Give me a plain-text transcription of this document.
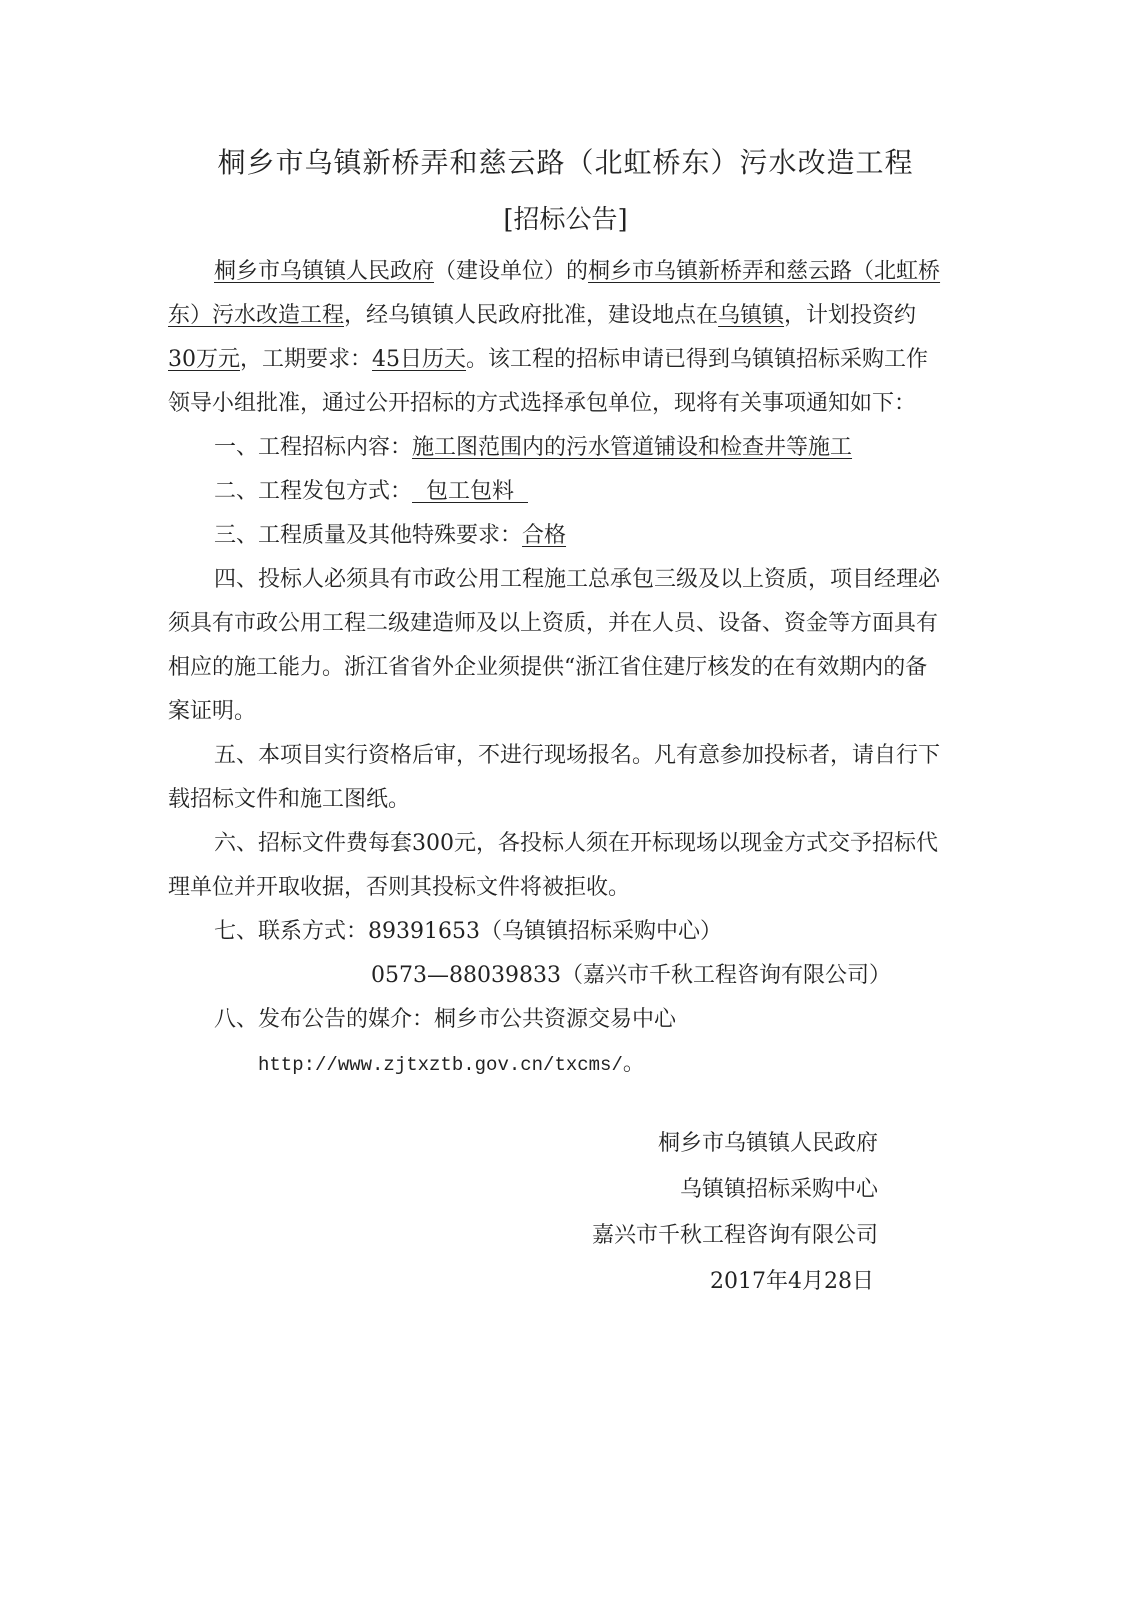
桐乡市乌镇新桥弄和慈云路（北虹桥东）污水改造工程
[招标公告]
桐乡市乌镇镇人民政府（建设单位）的桐乡市乌镇新桥弄和慈云路（北虹桥
东）污水改造工程，经乌镇镇人民政府批准，建设地点在乌镇镇，计划投资约
30万元，工期要求：45日历天。该工程的招标申请已得到乌镇镇招标采购工作
领导小组批准，通过公开招标的方式选择承包单位，现将有关事项通知如下：
一、工程招标内容：施工图范围内的污水管道铺设和检查井等施工
二、工程发包方式：  包工包料
三、工程质量及其他特殊要求：合格
四、投标人必须具有市政公用工程施工总承包三级及以上资质，项目经理必
须具有市政公用工程二级建造师及以上资质，并在人员、设备、资金等方面具有
相应的施工能力。浙江省省外企业须提供“浙江省住建厅核发的在有效期内的备
案证明。
五、本项目实行资格后审，不进行现场报名。凡有意参加投标者，请自行下
载招标文件和施工图纸。
六、招标文件费每套300元，各投标人须在开标现场以现金方式交予招标代
理单位并开取收据，否则其投标文件将被拒收。
七、联系方式：89391653（乌镇镇招标采购中心）
0573—88039833（嘉兴市千秋工程咨询有限公司）
八、发布公告的媒介：桐乡市公共资源交易中心
http://www.zjtxztb.gov.cn/txcms/。
桐乡市乌镇镇人民政府
乌镇镇招标采购中心
嘉兴市千秋工程咨询有限公司
2017年4月28日
